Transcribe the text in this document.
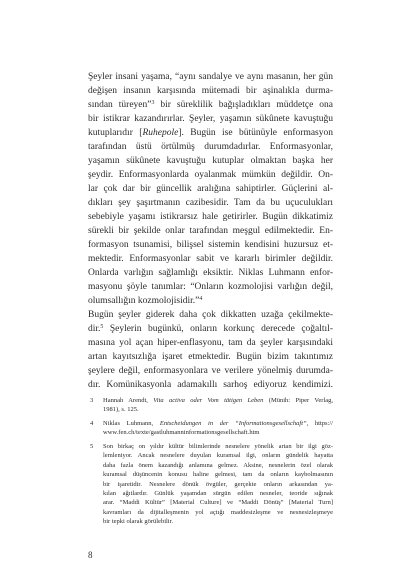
Şeyler insani yaşama, “aynı sandalye ve aynı masanın, her gün
değişen insanın karşısında mütemadi bir aşinalıkla durma-
sından türeyen”$^3$ bir süreklilik bağışladıkları müddetçe ona
bir istikrar kazandırırlar. Şeyler, yaşamın sükûnete kavuştuğu
kutuplarıdır [Ruhepole]. Bugün ise bütünüyle enformasyon
tarafından üstü örtülmüş durumdadırlar. Enformasyonlar,
yaşamın sükûnete kavuştuğu kutuplar olmaktan başka her
şeydir. Enformasyonlarda oyalanmak mümkün değildir. On-
lar çok dar bir güncellik aralığına sahiptirler. Güçlerini al-
dıkları şey şaşırtmanın cazibesidir. Tam da bu uçuculukları
sebebiyle yaşamı istikrarsız hale getirirler. Bugün dikkatimiz
sürekli bir şekilde onlar tarafından meşgul edilmektedir. En-
formasyon tsunamisi, bilişsel sistemin kendisini huzursuz et-
mektedir. Enformasyonlar sabit ve kararlı birimler değildir.
Onlarda varlığın sağlamlığı eksiktir. Niklas Luhmann enfor-
masyonu şöyle tanımlar: “Onların kozmolojisi varlığın değil,
olumsallığın kozmolojisidir.”$^4$
Bugün şeyler giderek daha çok dikkatten uzağa çekilmekte-
dir.$^5$ Şeylerin bugünkü, onların korkunç derecede çoğaltıl-
masına yol açan hiper-enflasyonu, tam da şeyler karşısındaki
artan kayıtsızlığa işaret etmektedir. Bugün bizim takıntımız
şeylere değil, enformasyonlara ve verilere yönelmiş durumda-
dır. Komünikasyonla adamakıllı sarhoş ediyoruz kendimizi.
3 Hannah Arendt, Vita activa oder Vom tätigen Leben (Münih: Piper Verlag,
1981), s. 125.
4 Niklas Luhmann, Entscheidungen in der “Informationsgesellschaft”, https://
www.fen.ch/texte/gastluhmanninformationsgesellschaft.htm
5 Son birkaç on yıldır kültür bilimlerinde nesnelere yönelik artan bir ilgi göz-
lemleniyor. Ancak nesnelere duyulan kuramsal ilgi, onların gündelik hayatta
daha fazla önem kazandığı anlamına gelmez. Aksine, nesnelerin özel olarak
kuramsal düşüncenin konusu haline gelmesi, tam da onların kaybolmasının
bir işaretidir. Nesnelere dönük övgüler, gerçekte onların arkasından ya-
kılan ağıtlardır. Günlük yaşamdan sürgün edilen nesneler, teoride sığınak
arar. “Maddi Kültür” [Material Culture] ve “Maddi Dönüş” [Material Turn]
kavramları da dijitalleşmenin yol açtığı maddesizleşme ve nesnesizleşmeye
bir tepki olarak görülebilir.
8
